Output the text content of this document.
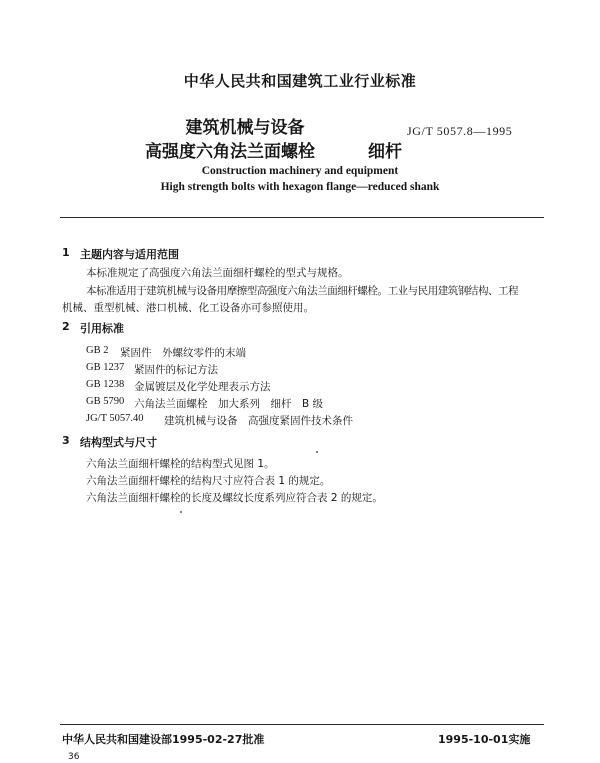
中华人民共和国建筑工业行业标准
建筑机械与设备
高强度六角法兰面螺栓	细杆
JG/T 5057.8—1995
Construction machinery and equipment
High strength bolts with hexagon flange—reduced shank
1 主题内容与适用范围
本标准规定了高强度六角法兰面细杆螺栓的型式与规格。
本标准适用于建筑机械与设备用摩擦型高强度六角法兰面细杆螺栓。工业与民用建筑钢结构、工程
机械、重型机械、港口机械、化工设备亦可参照使用。
2 引用标准
GB 2 紧固件　外螺纹零件的末端
GB 1237 紧固件的标记方法
GB 1238 金属镀层及化学处理表示方法
GB 5790 六角法兰面螺栓　加大系列　细杆　B 级
JG/T 5057.40 建筑机械与设备　高强度紧固件技术条件
3 结构型式与尺寸
六角法兰面细杆螺栓的结构型式见图 1。
六角法兰面细杆螺栓的结构尺寸应符合表 1 的规定。
六角法兰面细杆螺栓的长度及螺纹长度系列应符合表 2 的规定。
中华人民共和国建设部1995-02-27批准	1995-10-01实施
36
